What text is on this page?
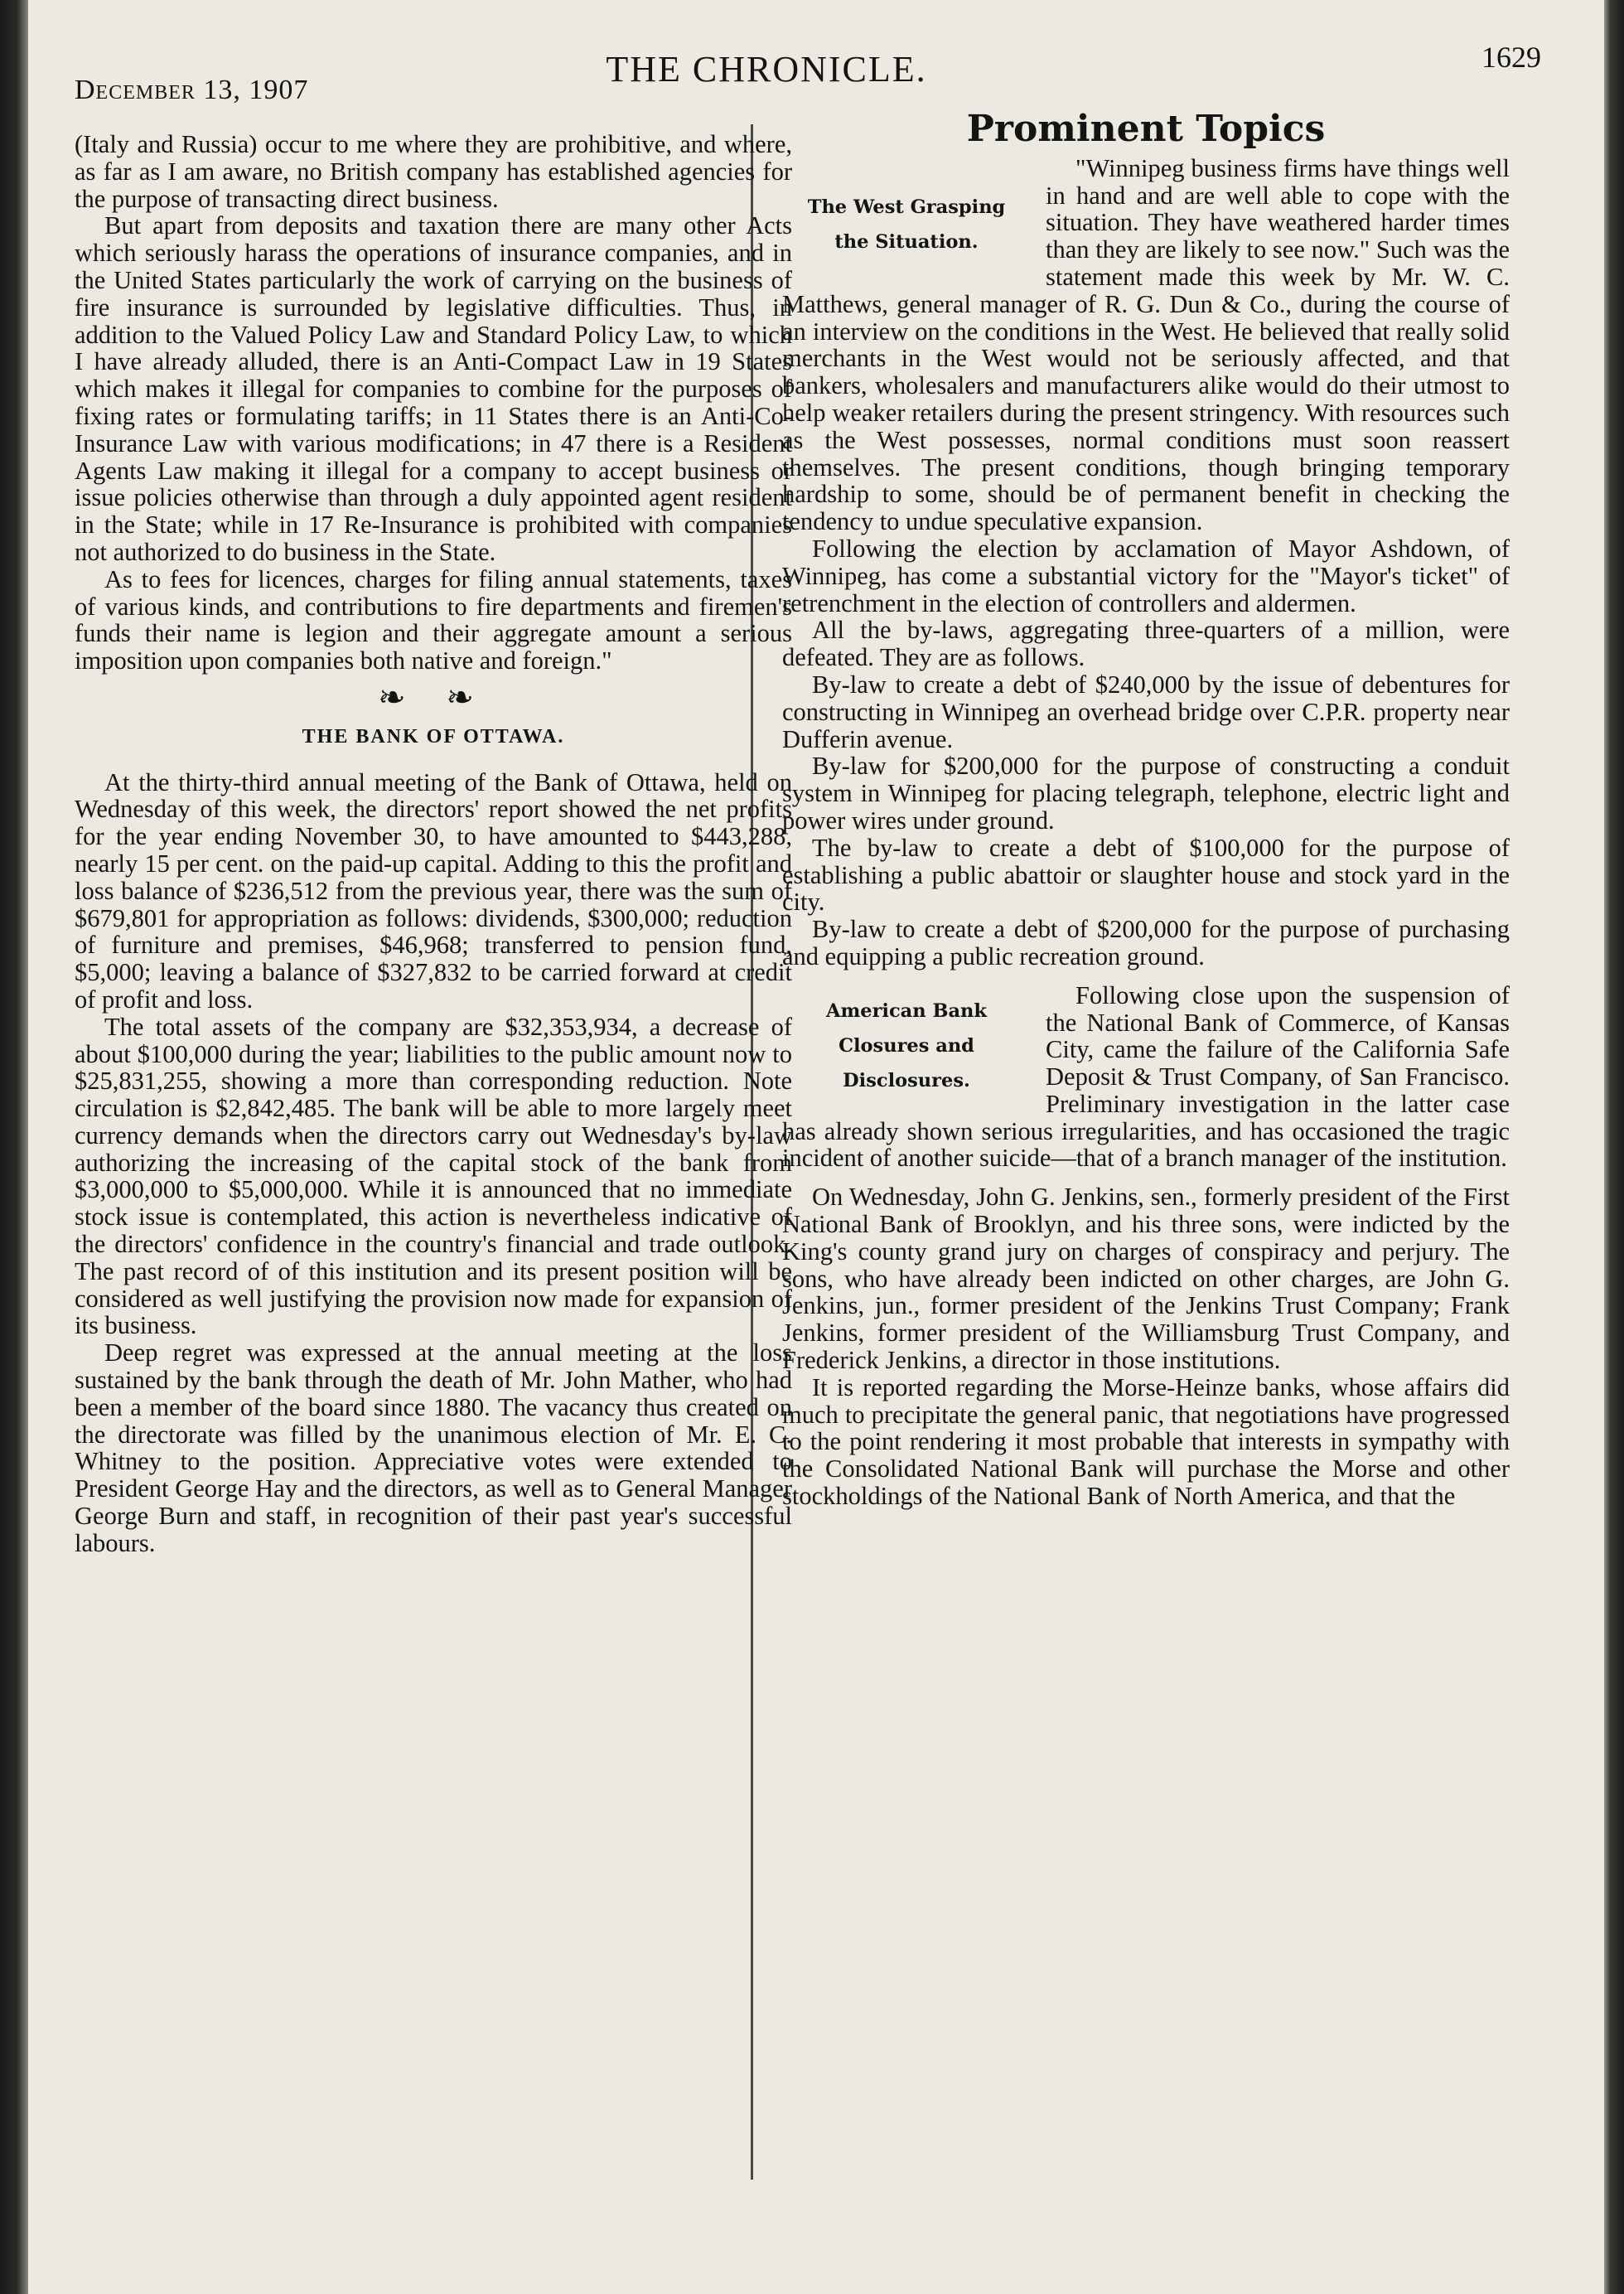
December 13, 1907
THE CHRONICLE.	1629

(Italy and Russia) occur to me where they are prohibitive, and where, as far as I am aware, no British company has established agencies for the purpose of transacting direct business.

But apart from deposits and taxation there are many other Acts which seriously harass the operations of insurance companies, and in the United States particularly the work of carrying on the business of fire insurance is surrounded by legislative difficulties. Thus, in addition to the Valued Policy Law and Standard Policy Law, to which I have already alluded, there is an Anti-Compact Law in 19 States which makes it illegal for companies to combine for the purposes of fixing rates or formulating tariffs; in 11 States there is an Anti-Co-Insurance Law with various modifications; in 47 there is a Resident Agents Law making it illegal for a company to accept business or issue policies otherwise than through a duly appointed agent resident in the State; while in 17 Re-Insurance is prohibited with companies not authorized to do business in the State.

As to fees for licences, charges for filing annual statements, taxes of various kinds, and contributions to fire departments and firemen's funds their name is legion and their aggregate amount a serious imposition upon companies both native and foreign."

❧ ❧
THE BANK OF OTTAWA.

At the thirty-third annual meeting of the Bank of Ottawa, held on Wednesday of this week, the directors' report showed the net profits for the year ending November 30, to have amounted to $443,288, nearly 15 per cent. on the paid-up capital. Adding to this the profit and loss balance of $236,512 from the previous year, there was the sum of $679,801 for appropriation as follows: dividends, $300,000; reduction of furniture and premises, $46,968; transferred to pension fund, $5,000; leaving a balance of $327,832 to be carried forward at credit of profit and loss.

The total assets of the company are $32,353,934, a decrease of about $100,000 during the year; liabilities to the public amount now to $25,831,255, showing a more than corresponding reduction. Note circulation is $2,842,485. The bank will be able to more largely meet currency demands when the directors carry out Wednesday's by-law authorizing the increasing of the capital stock of the bank from $3,000,000 to $5,000,000. While it is announced that no immediate stock issue is contemplated, this action is nevertheless indicative of the directors' confidence in the country's financial and trade outlook. The past record of of this institution and its present position will be considered as well justifying the provision now made for expansion of its business.

Deep regret was expressed at the annual meeting at the loss sustained by the bank through the death of Mr. John Mather, who had been a member of the board since 1880. The vacancy thus created on the directorate was filled by the unanimous election of Mr. E. C. Whitney to the position. Appreciative votes were extended to President George Hay and the directors, as well as to General Manager George Burn and staff, in recognition of their past year's successful labours.

Prominent Topics
The West Grasping
the Situation.

"Winnipeg business firms have things well in hand and are well able to cope with the situation. They have weathered harder times than they are likely to see now." Such was the statement made this week by Mr. W. C. Matthews, general manager of R. G. Dun & Co., during the course of an interview on the conditions in the West. He believed that really solid merchants in the West would not be seriously affected, and that bankers, wholesalers and manufacturers alike would do their utmost to help weaker retailers during the present stringency. With resources such as the West possesses, normal conditions must soon reassert themselves. The present conditions, though bringing temporary hardship to some, should be of permanent benefit in checking the tendency to undue speculative expansion.

Following the election by acclamation of Mayor Ashdown, of Winnipeg, has come a substantial victory for the "Mayor's ticket" of retrenchment in the election of controllers and aldermen.

All the by-laws, aggregating three-quarters of a million, were defeated. They are as follows.

By-law to create a debt of $240,000 by the issue of debentures for constructing in Winnipeg an overhead bridge over C.P.R. property near Dufferin avenue.

By-law for $200,000 for the purpose of constructing a conduit system in Winnipeg for placing telegraph, telephone, electric light and power wires under ground.

The by-law to create a debt of $100,000 for the purpose of establishing a public abattoir or slaughter house and stock yard in the city.

By-law to create a debt of $200,000 for the purpose of purchasing and equipping a public recreation ground.

American Bank
Closures and
Disclosures.

Following close upon the suspension of the National Bank of Commerce, of Kansas City, came the failure of the California Safe Deposit & Trust Company, of San Francisco. Preliminary investigation in the latter case has already shown serious irregularities, and has occasioned the tragic incident of another suicide—that of a branch manager of the institution.

On Wednesday, John G. Jenkins, sen., formerly president of the First National Bank of Brooklyn, and his three sons, were indicted by the King's county grand jury on charges of conspiracy and perjury. The sons, who have already been indicted on other charges, are John G. Jenkins, jun., former president of the Jenkins Trust Company; Frank Jenkins, former president of the Williamsburg Trust Company, and Frederick Jenkins, a director in those institutions.

It is reported regarding the Morse-Heinze banks, whose affairs did much to precipitate the general panic, that negotiations have progressed to the point rendering it most probable that interests in sympathy with the Consolidated National Bank will purchase the Morse and other stockholdings of the National Bank of North America, and that the
